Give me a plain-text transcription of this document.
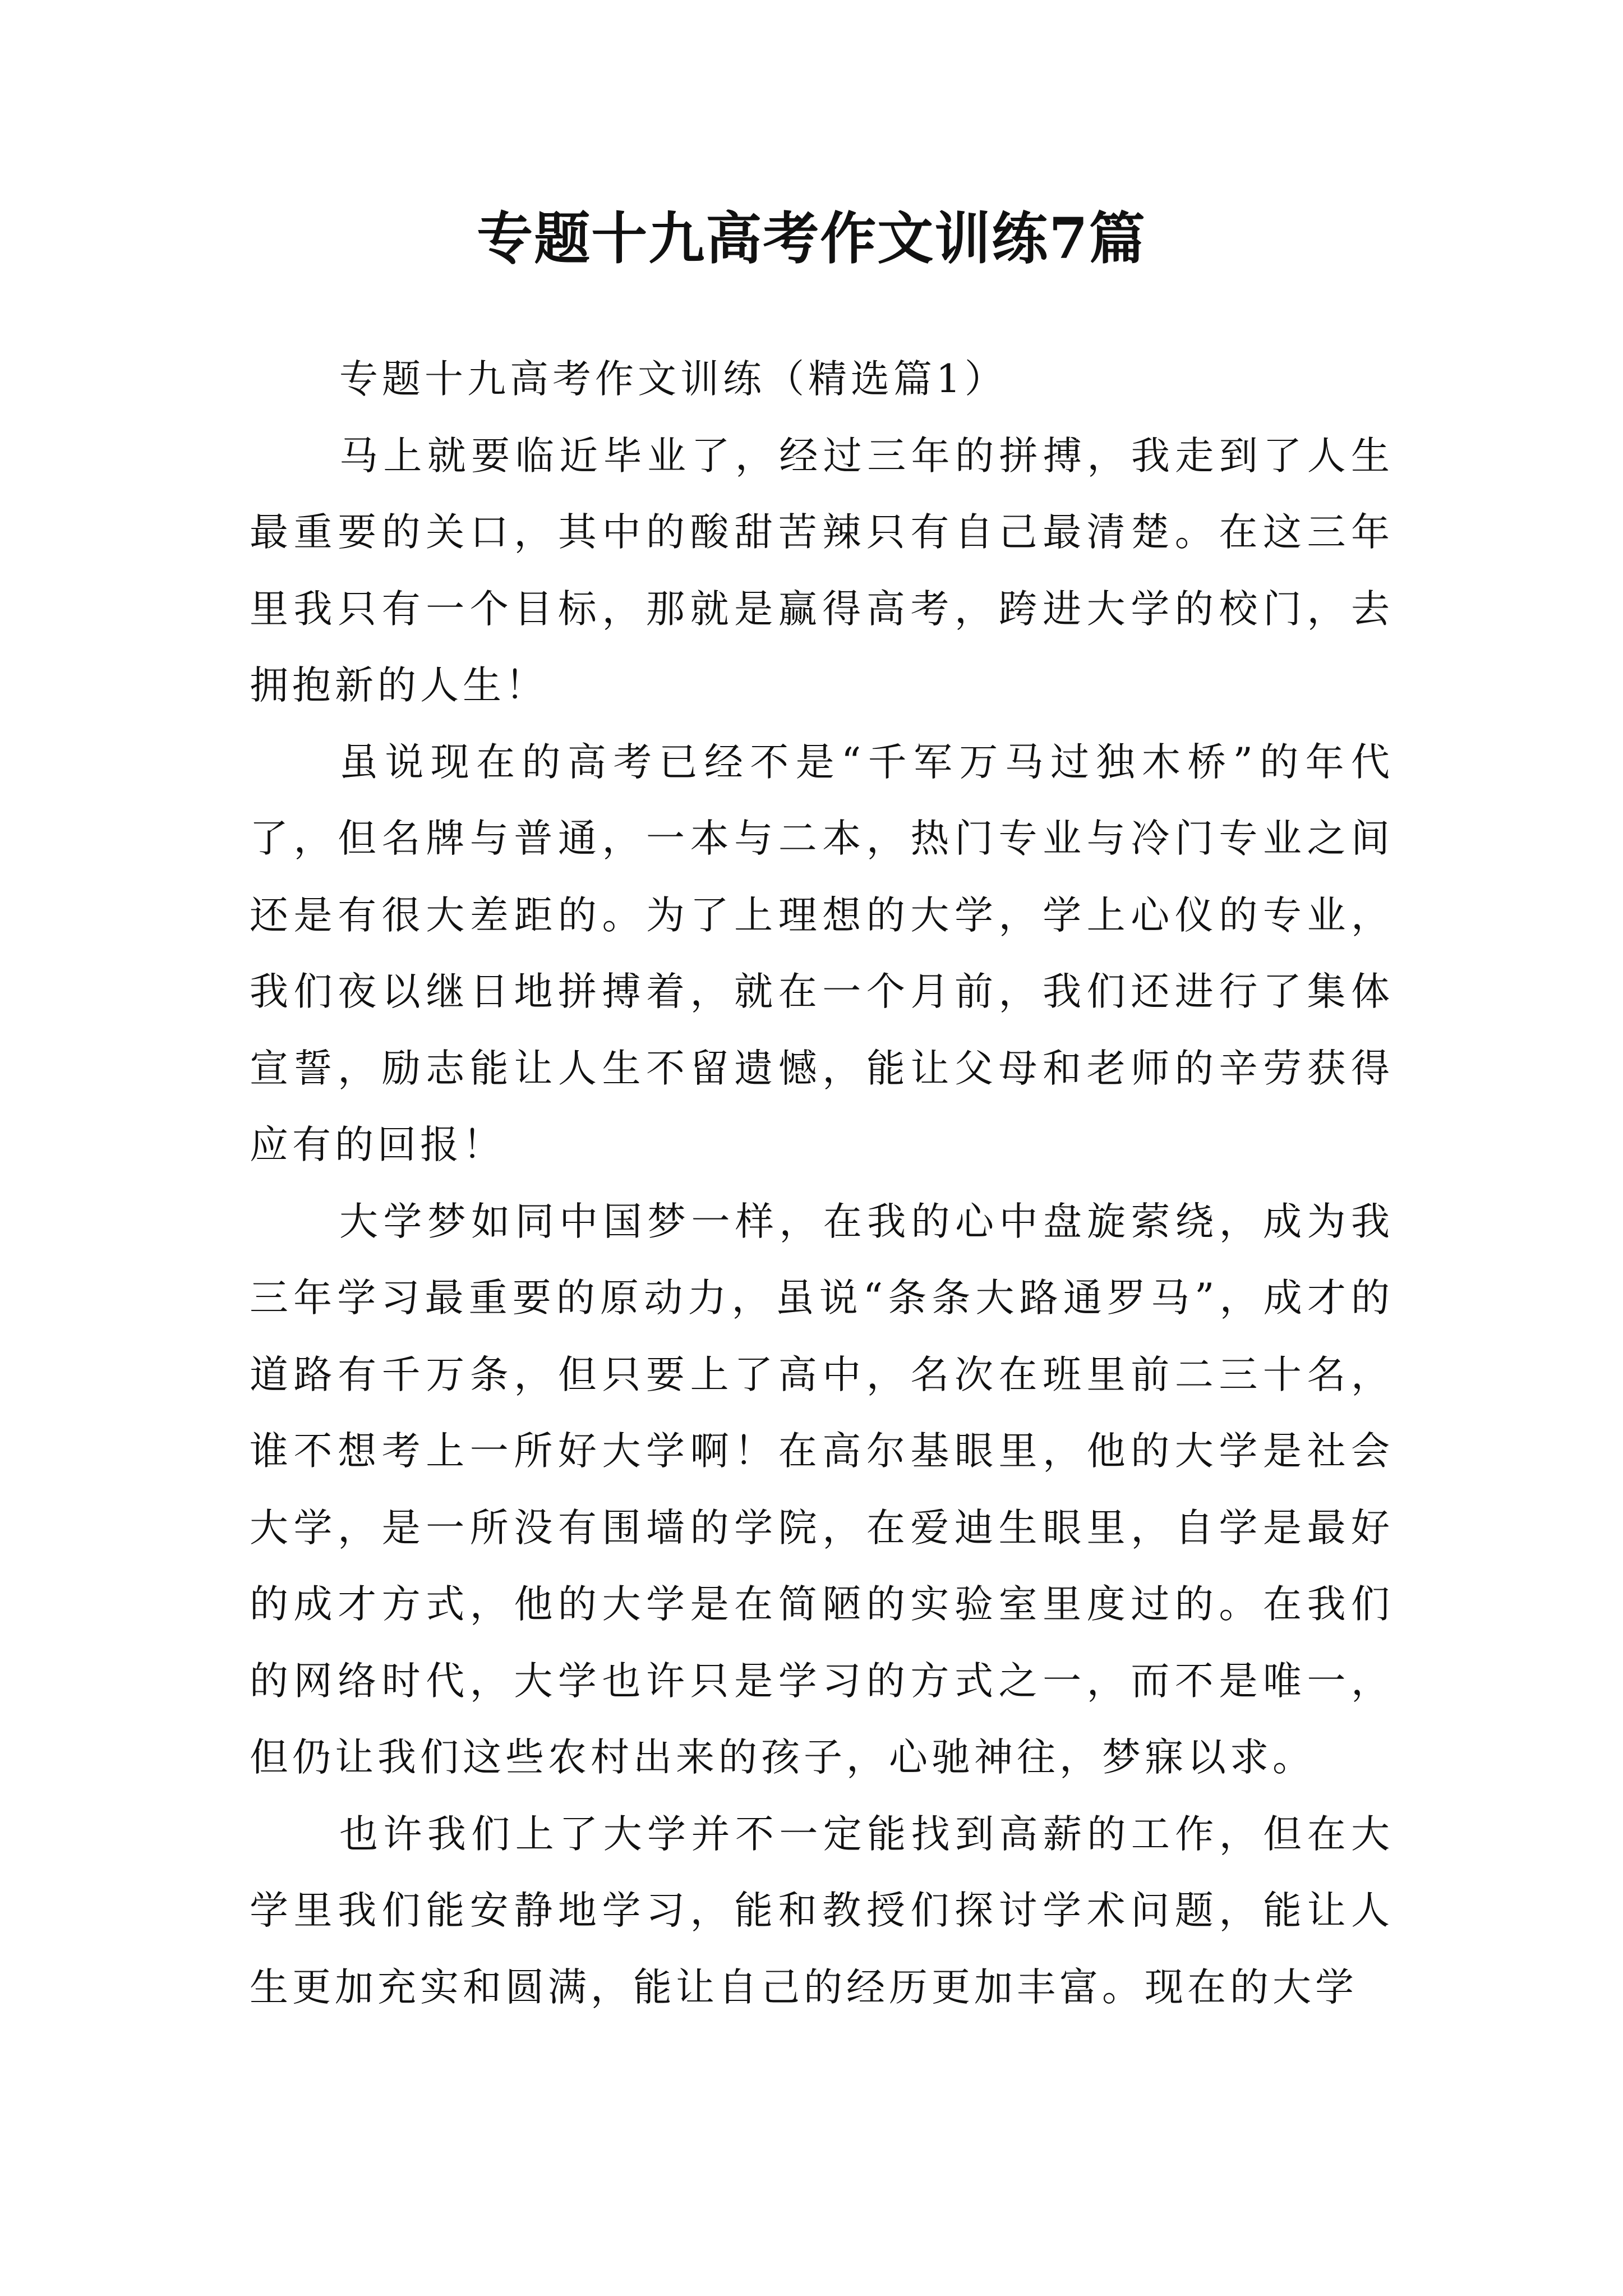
专题十九高考作文训练7篇

专题十九高考作文训练（精选篇1）

马上就要临近毕业了，经过三年的拼搏，我走到了人生最重要的关口，其中的酸甜苦辣只有自己最清楚。在这三年里我只有一个目标，那就是赢得高考，跨进大学的校门，去拥抱新的人生！

虽说现在的高考已经不是“千军万马过独木桥”的年代了，但名牌与普通，一本与二本，热门专业与冷门专业之间还是有很大差距的。为了上理想的大学，学上心仪的专业，我们夜以继日地拼搏着，就在一个月前，我们还进行了集体宣誓，励志能让人生不留遗憾，能让父母和老师的辛劳获得应有的回报！

大学梦如同中国梦一样，在我的心中盘旋萦绕，成为我三年学习最重要的原动力，虽说“条条大路通罗马”，成才的道路有千万条，但只要上了高中，名次在班里前二三十名，谁不想考上一所好大学啊！在高尔基眼里，他的大学是社会大学，是一所没有围墙的学院，在爱迪生眼里，自学是最好的成才方式，他的大学是在简陋的实验室里度过的。在我们的网络时代，大学也许只是学习的方式之一，而不是唯一，但仍让我们这些农村出来的孩子，心驰神往，梦寐以求。

也许我们上了大学并不一定能找到高薪的工作，但在大学里我们能安静地学习，能和教授们探讨学术问题，能让人生更加充实和圆满，能让自己的经历更加丰富。现在的大学
